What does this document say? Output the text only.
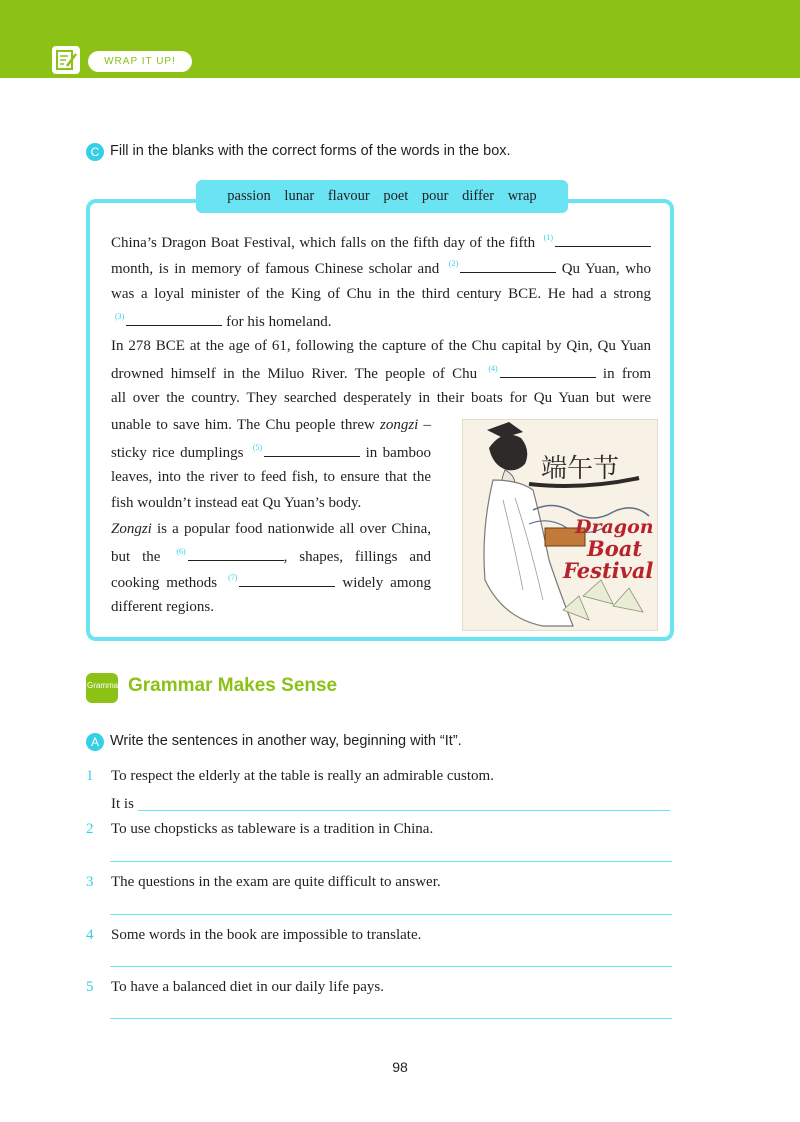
WRAP IT UP!
C Fill in the blanks with the correct forms of the words in the box.
passion lunar flavour poet pour differ wrap
China’s Dragon Boat Festival, which falls on the fifth day of the fifth $^{(1)}$
month, is in memory of famous Chinese scholar and $^{(2)}$	Qu Yuan, who
was a loyal minister of the King of Chu in the third century BCE. He had a strong
$^{(3)}$	for his homeland.
In 278 BCE at the age of 61, following the capture of the Chu capital by Qin, Qu Yuan
drowned himself in the Miluo River. The people of Chu $^{(4)}$	in from
all over the country. They searched desperately in their boats for Qu Yuan but were
unable to save him. The Chu people threw zongzi –
sticky rice dumplings $^{(5)}$	in bamboo
leaves, into the river to feed fish, to ensure that the
fish wouldn’t instead eat Qu Yuan’s body.
Zongzi is a popular food nationwide all over China,
but the $^{(6)}$	, shapes, fillings and
cooking methods $^{(7)}$	widely among
different regions.
端午节
Dragon
Boat
Festival
Grammar Grammar Makes Sense
A Write the sentences in another way, beginning with “It”.
1 To respect the elderly at the table is really an admirable custom.
2 To use chopsticks as tableware is a tradition in China.
3 The questions in the exam are quite difficult to answer.
4 Some words in the book are impossible to translate.
5 To have a balanced diet in our daily life pays.
It is
98
